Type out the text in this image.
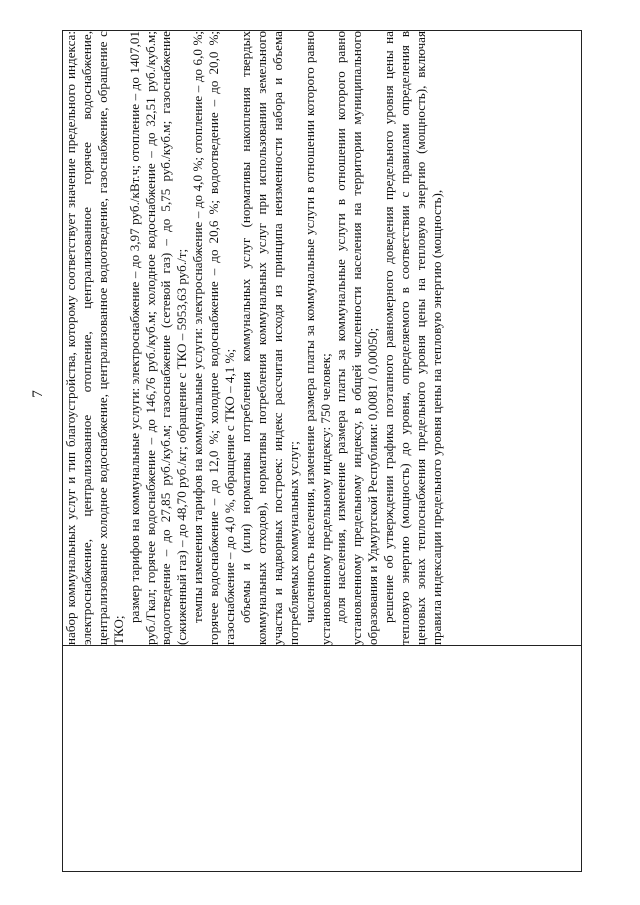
7
	набор коммунальных услуг и тип благоустройства, которому соответствует значение предельного индекса: электроснабжение, централизованное отопление, централизованное горячее водоснабжение, централизованное холодное водоснабжение, централизованное водоотведение, газоснабжение, обращение с ТКО;

размер тарифов на коммунальные услуги: электроснабжение – до 3,97 руб./кВт.ч; отопление – до 1407,01 руб./Гкал; горячее водоснабжение – до 146,76 руб./куб.м; холодное водоснабжение – до 32,51 руб./куб.м; водоотведение – до 27,85 руб./куб.м; газоснабжение (сетевой газ) – до 5,75 руб./куб.м; газоснабжение (сжиженный газ) – до 48,70 руб./кг; обращение с ТКО – 5953,63 руб./т; темпы изменения тарифов на коммунальные услуги: электроснабжение – до 4,0 %; отопление – до 6,0 %; горячее водоснабжение – до 12,0 %; холодное водоснабжение – до 20,6 %; водоотведение – до 20,0 %; газоснабжение – до 4,0 %, обращение с ТКО – 4,1 %; объемы и (или) нормативы потребления коммунальных услуг (нормативы накопления твердых коммунальных отходов), нормативы потребления коммунальных услуг при использовании земельного участка и надворных построек: индекс рассчитан исходя из принципа неизменности набора и объема потребляемых коммунальных услуг; численность населения, изменение размера платы за коммунальные услуги в отношении которого равно установленному предельному индексу: 750 человек; доля населения, изменение размера платы за коммунальные услуги в отношении которого равно установленному предельному индексу, в общей численности населения на территории муниципального образования и Удмуртской Республики: 0,0081 / 0,00050; решение об утверждении графика поэтапного равномерного доведения предельного уровня цены на тепловую энергию (мощность) до уровня, определяемого в соответствии с правилами определения в ценовых зонах теплоснабжения предельного уровня цены на тепловую энергию (мощность), включая правила индексации предельного уровня цены на тепловую энергию (мощность),
